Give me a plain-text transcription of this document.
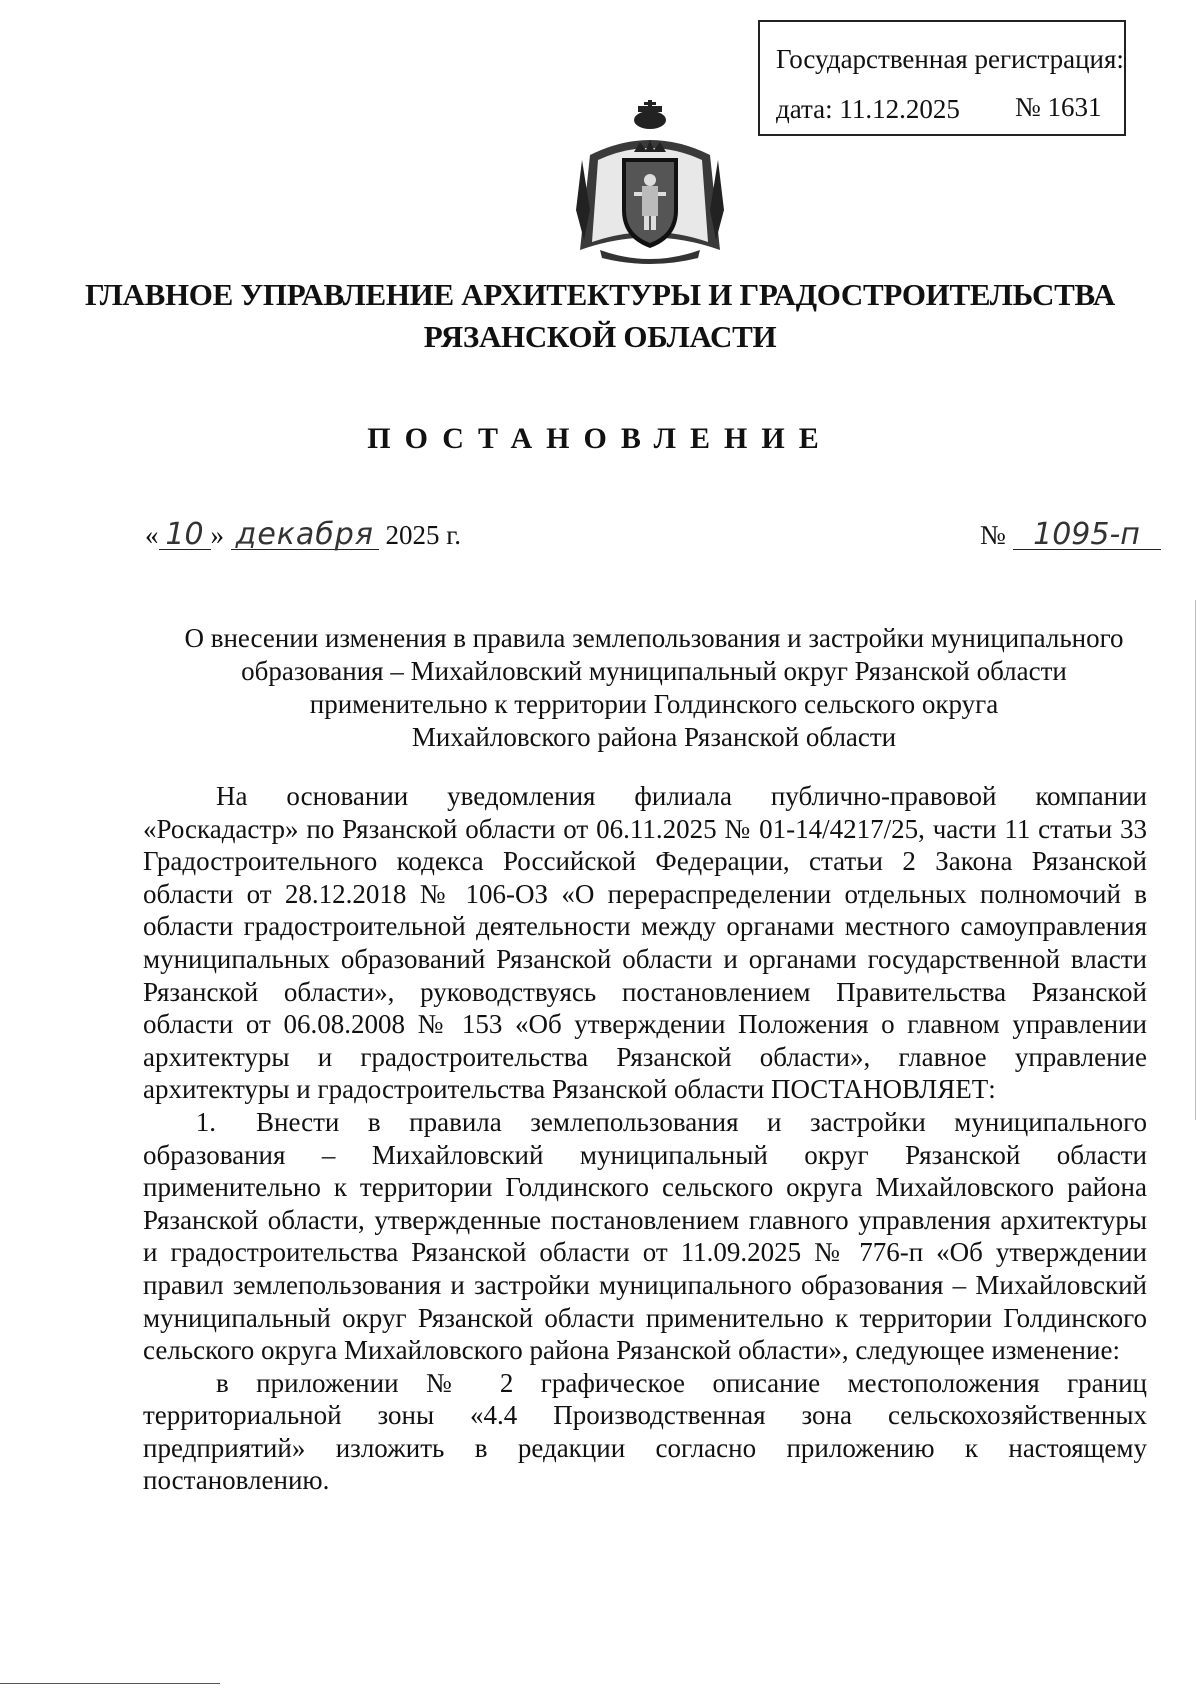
Государственная регистрация:
дата: 11.12.2025 № 1631
ГЛАВНОЕ УПРАВЛЕНИЕ АРХИТЕКТУРЫ И ГРАДОСТРОИТЕЛЬСТВА
РЯЗАНСКОЙ ОБЛАСТИ
ПОСТАНОВЛЕНИЕ
« 10 » декабря 2025 г.	№ 1095-п
О внесении изменения в правила землепользования и застройки муниципального
образования – Михайловский муниципальный округ Рязанской области
применительно к территории Голдинского сельского округа
Михайловского района Рязанской области

На основании уведомления филиала публично-правовой компании «Роскадастр» по Рязанской области от 06.11.2025 № 01-14/4217/25, части 11 статьи 33 Градостроительного кодекса Российской Федерации, статьи 2 Закона Рязанской области от 28.12.2018 № 106-ОЗ «О перераспределении отдельных полномочий в области градостроительной деятельности между органами местного самоуправления муниципальных образований Рязанской области и органами государственной власти Рязанской области», руководствуясь постановлением Правительства Рязанской области от 06.08.2008 № 153 «Об утверждении Положения о главном управлении архитектуры и градостроительства Рязанской области», главное управление архитектуры и градостроительства Рязанской области ПОСТАНОВЛЯЕТ:

1. Внести в правила землепользования и застройки муниципального образования – Михайловский муниципальный округ Рязанской области применительно к территории Голдинского сельского округа Михайловского района Рязанской области, утвержденные постановлением главного управления архитектуры и градостроительства Рязанской области от 11.09.2025 № 776-п «Об утверждении правил землепользования и застройки муниципального образования – Михайловский муниципальный округ Рязанской области применительно к территории Голдинского сельского округа Михайловского района Рязанской области», следующее изменение:

в приложении № 2 графическое описание местоположения границ территориальной зоны «4.4 Производственная зона сельскохозяйственных предприятий» изложить в редакции согласно приложению к настоящему постановлению.
